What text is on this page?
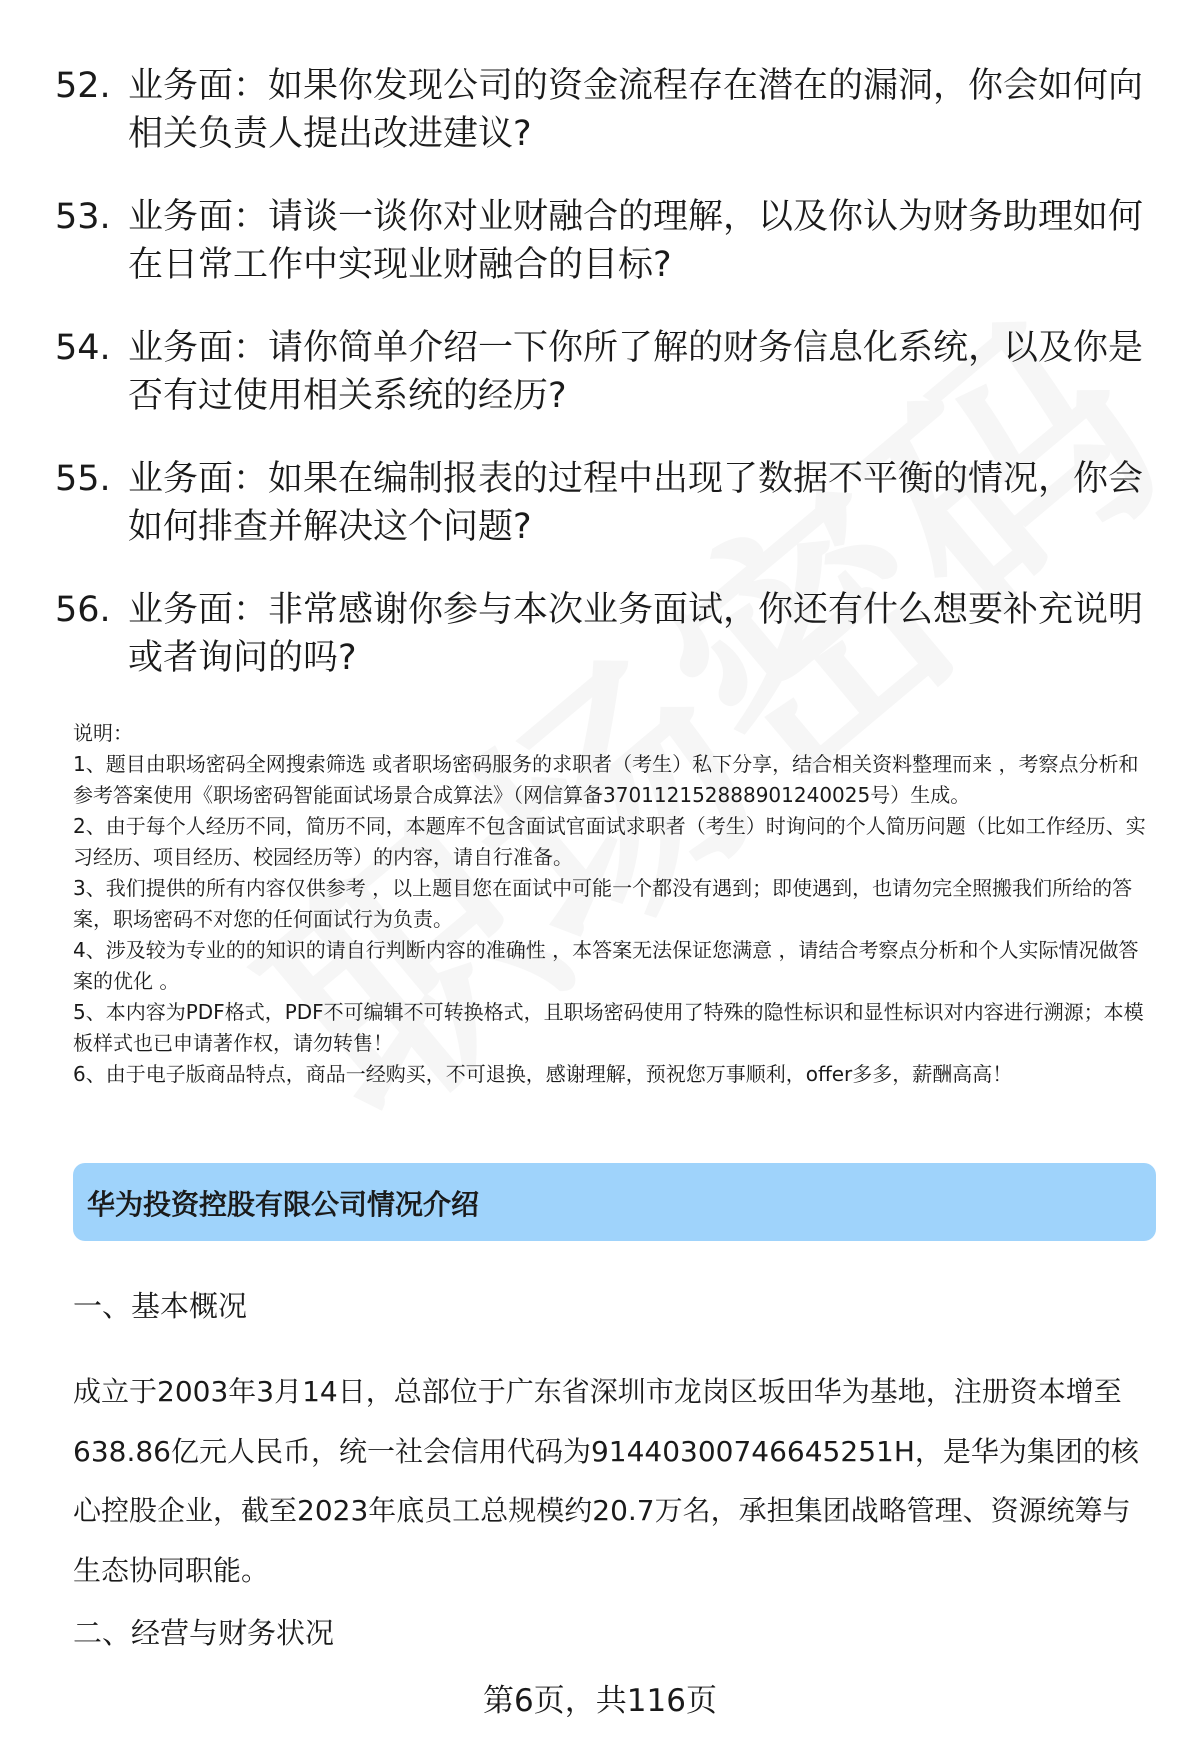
52. 业务面：如果你发现公司的资金流程存在潜在的漏洞，你会如何向相关负责人提出改进建议?
53. 业务面：请谈一谈你对业财融合的理解，以及你认为财务助理如何在日常工作中实现业财融合的目标?
54. 业务面：请你简单介绍一下你所了解的财务信息化系统，以及你是否有过使用相关系统的经历?
55. 业务面：如果在编制报表的过程中出现了数据不平衡的情况，你会如何排查并解决这个问题?
56. 业务面：非常感谢你参与本次业务面试，你还有什么想要补充说明或者询问的吗?

说明：

1、题目由职场密码全网搜索筛选 或者职场密码服务的求职者（考生）私下分享，结合相关资料整理而来 ，考察点分析和参考答案使用《职场密码智能面试场景合成算法》（网信算备370112152888901240025号）生成。

2、由于每个人经历不同，简历不同，本题库不包含面试官面试求职者（考生）时询问的个人简历问题（比如工作经历、实习经历、项目经历、校园经历等）的内容，请自行准备。

3、我们提供的所有内容仅供参考 ，以上题目您在面试中可能一个都没有遇到；即使遇到，也请勿完全照搬我们所给的答案，职场密码不对您的任何面试行为负责。

4、涉及较为专业的的知识的请自行判断内容的准确性 ，本答案无法保证您满意 ，请结合考察点分析和个人实际情况做答案的优化 。

5、本内容为PDF格式，PDF不可编辑不可转换格式，且职场密码使用了特殊的隐性标识和显性标识对内容进行溯源；本模板样式也已申请著作权，请勿转售！

6、由于电子版商品特点，商品一经购买，不可退换，感谢理解，预祝您万事顺利，offer多多，薪酬高高！

华为投资控股有限公司情况介绍
一、基本概况
成立于2003年3月14日，总部位于广东省深圳市龙岗区坂田华为基地，注册资本增至638.86亿元人民币，统一社会信用代码为91440300746645251H，是华为集团的核心控股企业，截至2023年底员工总规模约20.7万名，承担集团战略管理、资源统筹与生态协同职能。
二、经营与财务状况
第6页，共116页
